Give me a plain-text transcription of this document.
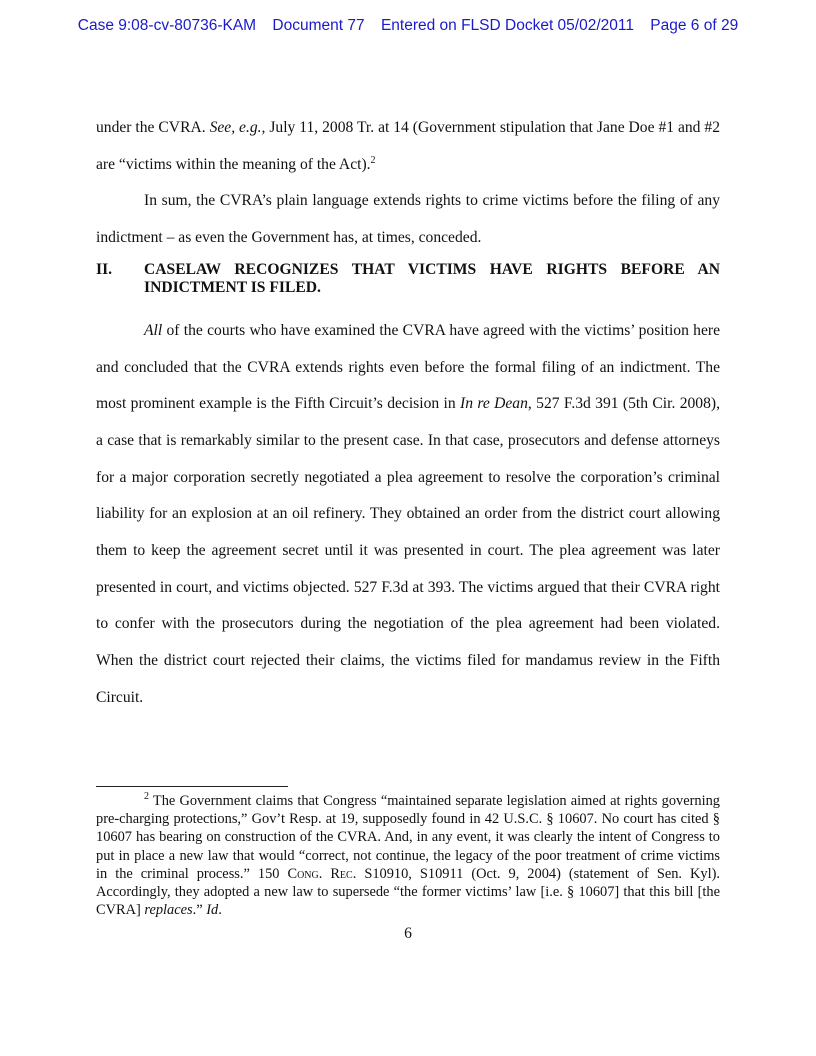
Case 9:08-cv-80736-KAM Document 77 Entered on FLSD Docket 05/02/2011 Page 6 of 29

under the CVRA. See, e.g., July 11, 2008 Tr. at 14 (Government stipulation that Jane Doe #1 and #2 are “victims within the meaning of the Act).$^2$

In sum, the CVRA’s plain language extends rights to crime victims before the filing of any indictment – as even the Government has, at times, conceded.

II.	CASELAW RECOGNIZES THAT VICTIMS HAVE RIGHTS BEFORE AN INDICTMENT IS FILED.

All of the courts who have examined the CVRA have agreed with the victims’ position here and concluded that the CVRA extends rights even before the formal filing of an indictment. The most prominent example is the Fifth Circuit’s decision in In re Dean, 527 F.3d 391 (5th Cir. 2008), a case that is remarkably similar to the present case. In that case, prosecutors and defense attorneys for a major corporation secretly negotiated a plea agreement to resolve the corporation’s criminal liability for an explosion at an oil refinery. They obtained an order from the district court allowing them to keep the agreement secret until it was presented in court. The plea agreement was later presented in court, and victims objected. 527 F.3d at 393. The victims argued that their CVRA right to confer with the prosecutors during the negotiation of the plea agreement had been violated. When the district court rejected their claims, the victims filed for mandamus review in the Fifth Circuit.

$^2$ The Government claims that Congress “maintained separate legislation aimed at rights governing pre-charging protections,” Gov’t Resp. at 19, supposedly found in 42 U.S.C. § 10607. No court has cited § 10607 has bearing on construction of the CVRA. And, in any event, it was clearly the intent of Congress to put in place a new law that would “correct, not continue, the legacy of the poor treatment of crime victims in the criminal process.” 150 Cong. Rec. S10910, S10911 (Oct. 9, 2004) (statement of Sen. Kyl). Accordingly, they adopted a new law to supersede “the former victims’ law [i.e. § 10607] that this bill [the CVRA] replaces.” Id.

6
